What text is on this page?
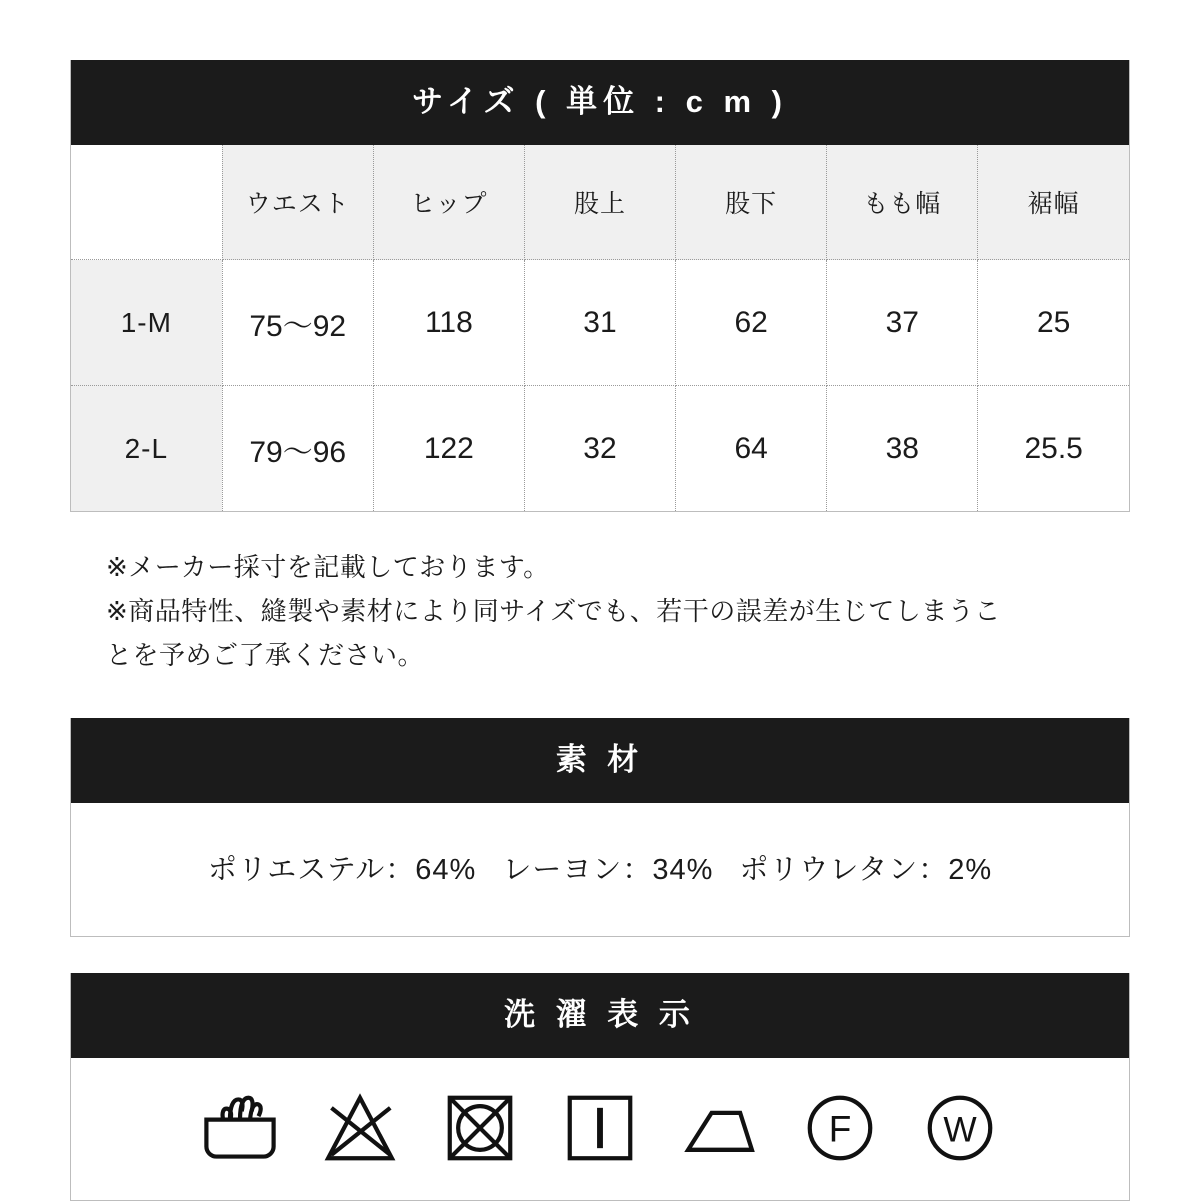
サイズ ( 単位 : c m )
	ウエスト	ヒップ	股上	股下	もも幅	裾幅
1-M	75〜92	118	31	62	37	25
2-L	79〜96	122	32	64	38	25.5

※メーカー採寸を記載しております。

※商品特性、縫製や素材により同サイズでも、若干の誤差が生じてしまうこ

とを予めご了承ください。

素 材
ポリエステル：64% レーヨン：34% ポリウレタン：2%
洗 濯 表 示
F W
